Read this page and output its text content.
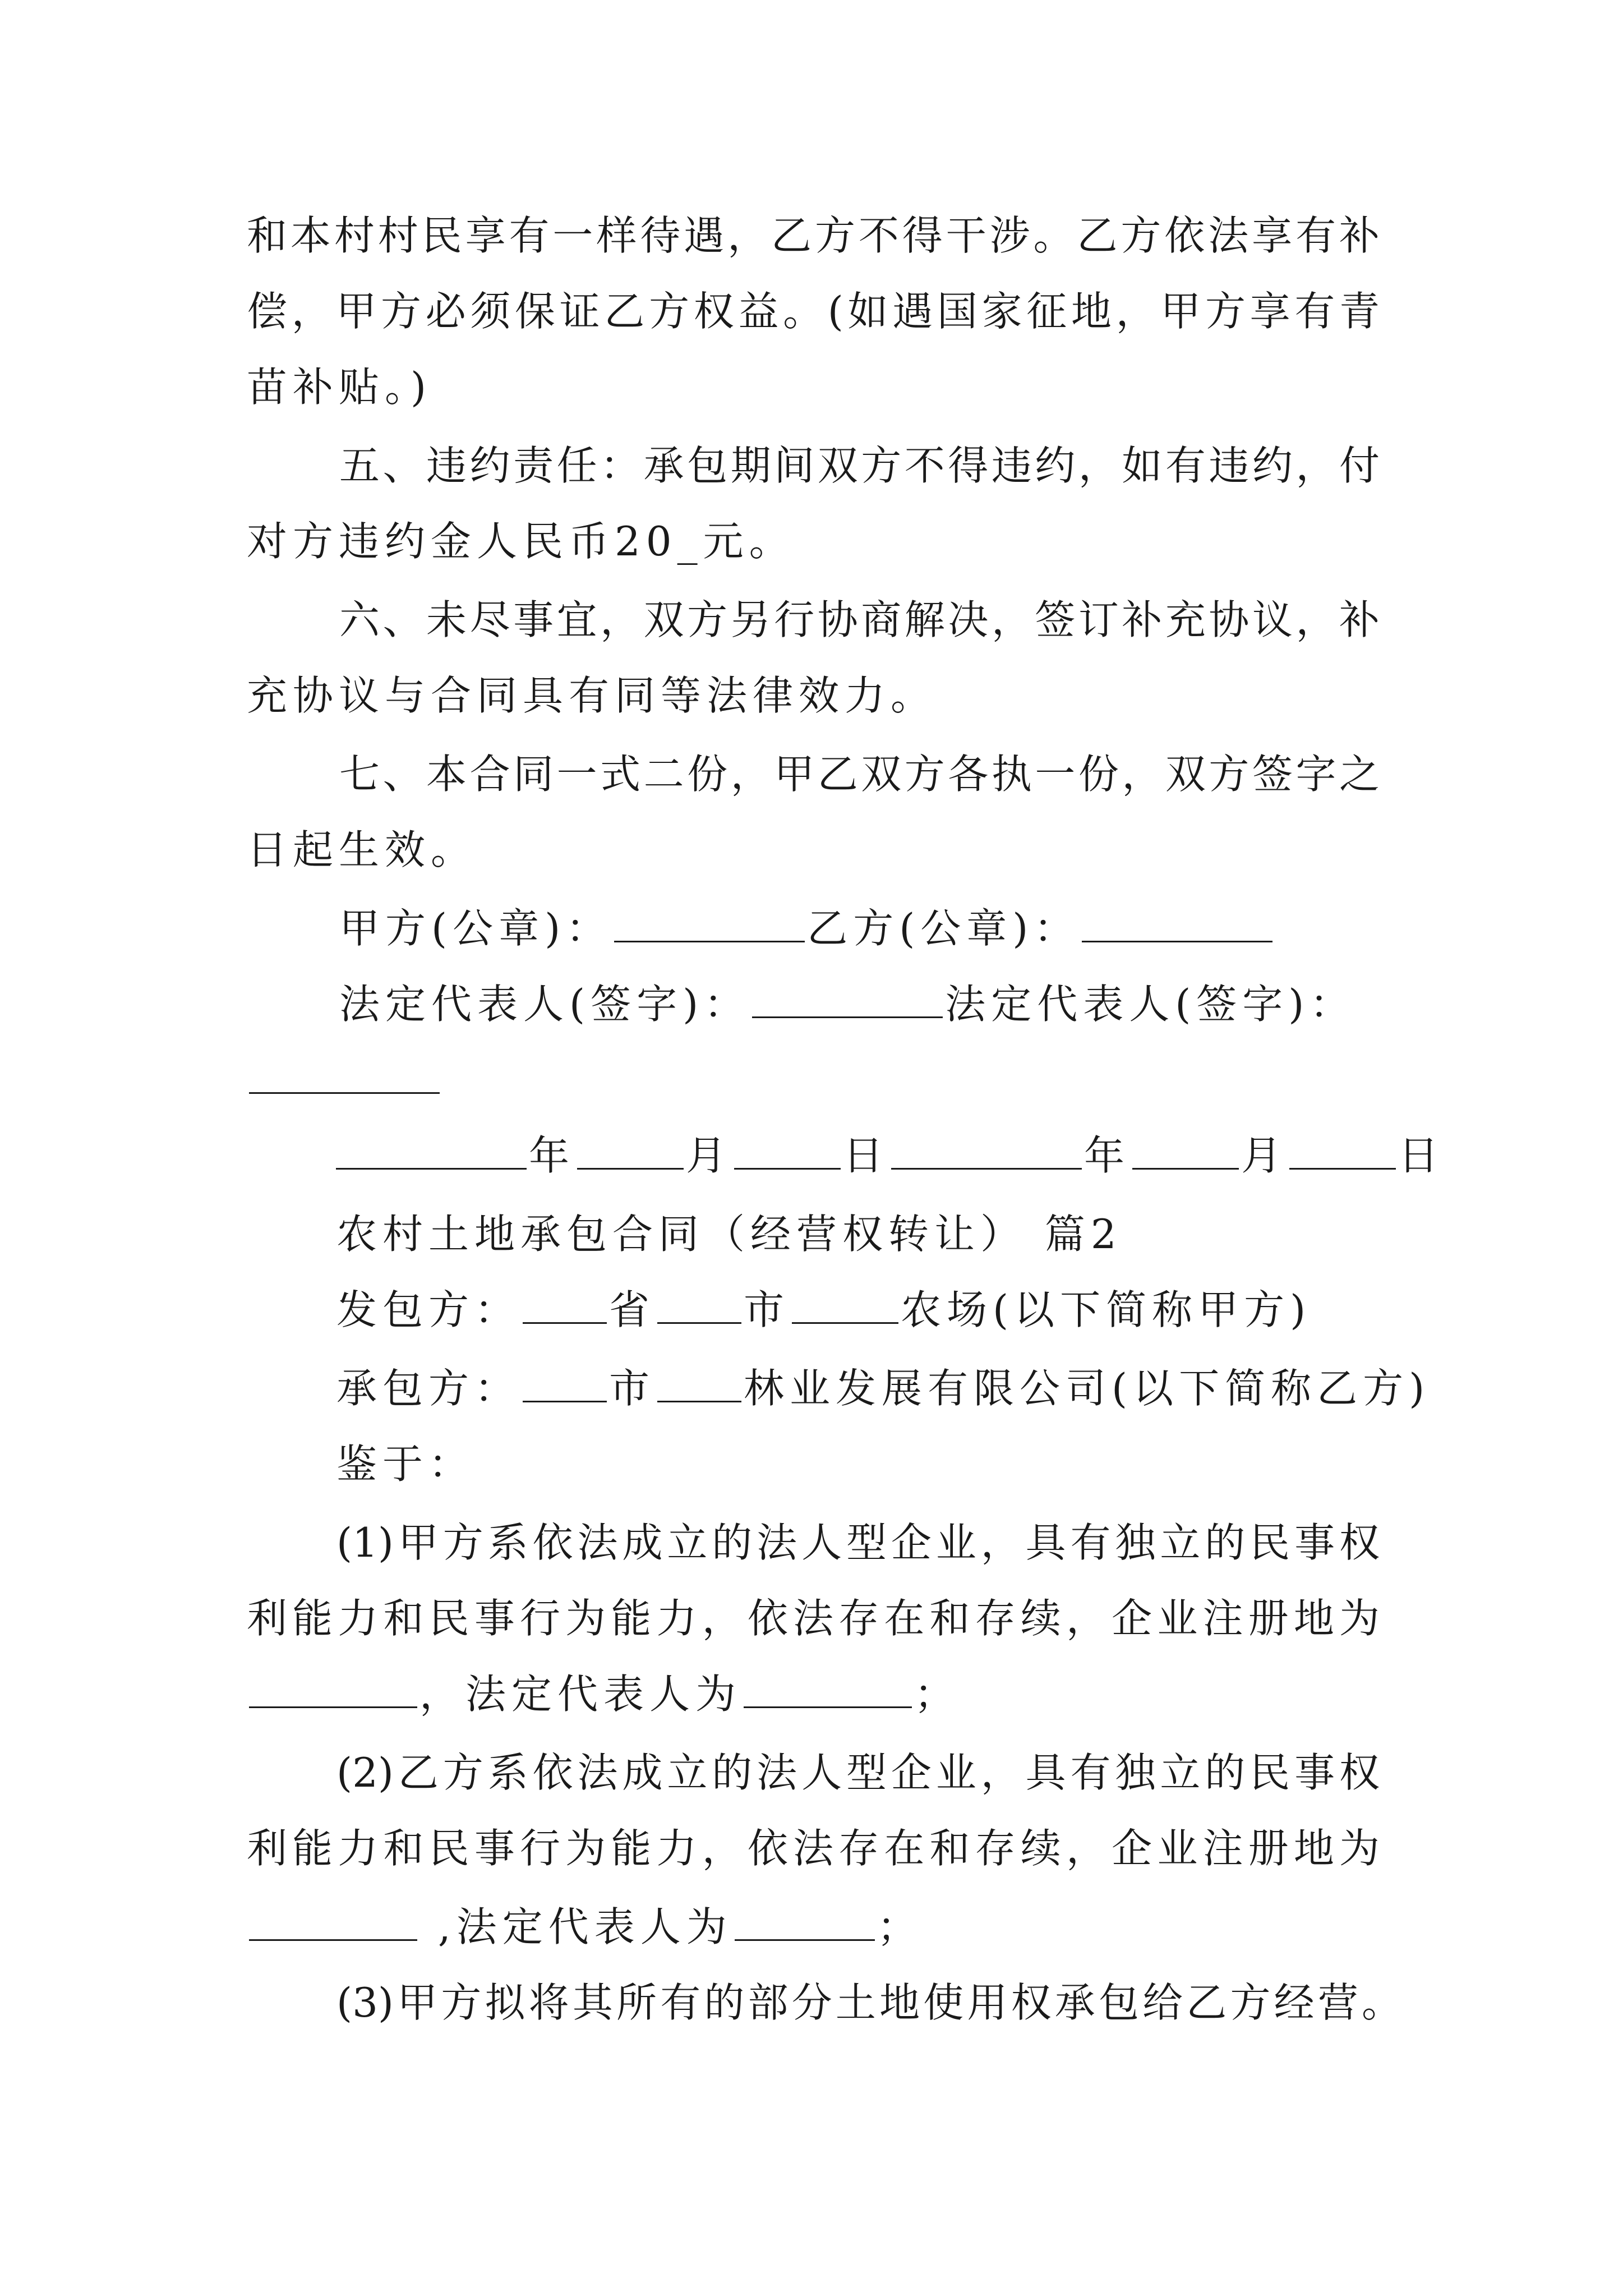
和本村村民享有一样待遇，乙方不得干涉。乙方依法享有补
偿，甲方必须保证乙方权益。(如遇国家征地，甲方享有青
苗补贴。)
五、违约责任：承包期间双方不得违约，如有违约，付
对方违约金人民币20_元。
六、未尽事宜，双方另行协商解决，签订补充协议，补
充协议与合同具有同等法律效力。
七、本合同一式二份，甲乙双方各执一份，双方签字之
日起生效。
甲方(公章)：	乙方(公章)：
法定代表人(签字)：	法定代表人(签字)：
年	月	日	年	月	日
农村土地承包合同（经营权转让） 篇2
发包方： 省 市	农场(以下简称甲方)
承包方： 市 林业发展有限公司(以下简称乙方)
鉴于：
(1)甲方系依法成立的法人型企业，具有独立的民事权
利能力和民事行为能力，依法存在和存续，企业注册地为
，法定代表人为	；
(2)乙方系依法成立的法人型企业，具有独立的民事权
利能力和民事行为能力，依法存在和存续，企业注册地为
,法定代表人为	；
(3)甲方拟将其所有的部分土地使用权承包给乙方经营。
